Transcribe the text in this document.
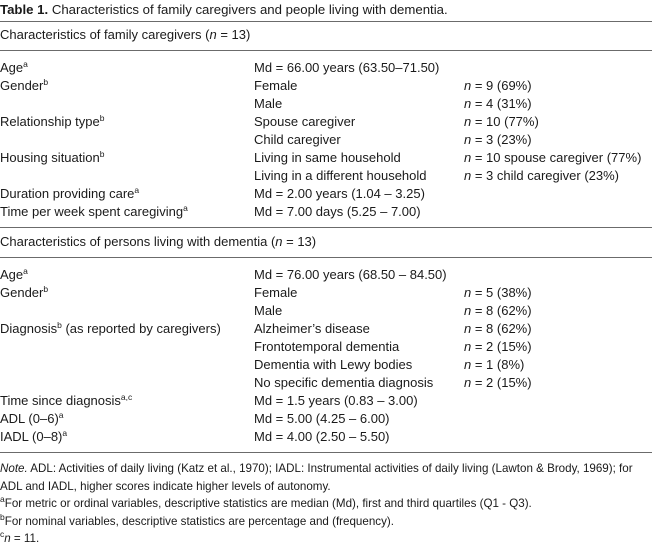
Table 1. Characteristics of family caregivers and people living with dementia.
Characteristics of family caregivers (n = 13)
Age$^a$	Md = 66.00 years (63.50–71.50)
Gender$^b$	Female	n = 9 (69%)
Male	n = 4 (31%)
Relationship type$^b$	Spouse caregiver	n = 10 (77%)
Child caregiver	n = 3 (23%)
Housing situation$^b$	Living in same household	n = 10 spouse caregiver (77%)
Living in a different household	n = 3 child caregiver (23%)
Duration providing care$^a$	Md = 2.00 years (1.04 – 3.25)
Time per week spent caregiving$^a$	Md = 7.00 days (5.25 – 7.00)
Characteristics of persons living with dementia (n = 13)
Age$^a$	Md = 76.00 years (68.50 – 84.50)
Gender$^b$	Female	n = 5 (38%)
Male	n = 8 (62%)
Diagnosis$^b$ (as reported by caregivers)	Alzheimer’s disease	n = 8 (62%)
Frontotemporal dementia	n = 2 (15%)
Dementia with Lewy bodies	n = 1 (8%)
No specific dementia diagnosis n = 2 (15%)
Time since diagnosis$^{a,c}$	Md = 1.5 years (0.83 – 3.00)
ADL $(0-6)^a$	Md = 5.00 (4.25 – 6.00)
IADL $(0-8)^a$	Md = 4.00 (2.50 – 5.50)

Note. ADL: Activities of daily living (Katz et al., 1970); IADL: Instrumental activities of daily living (Lawton & Brody, 1969); for

ADL and IADL, higher scores indicate higher levels of autonomy.

$^a$For metric or ordinal variables, descriptive statistics are median (Md), first and third quartiles (Q1 - Q3).

$^b$For nominal variables, descriptive statistics are percentage and (frequency).

$^c$n = 11.
